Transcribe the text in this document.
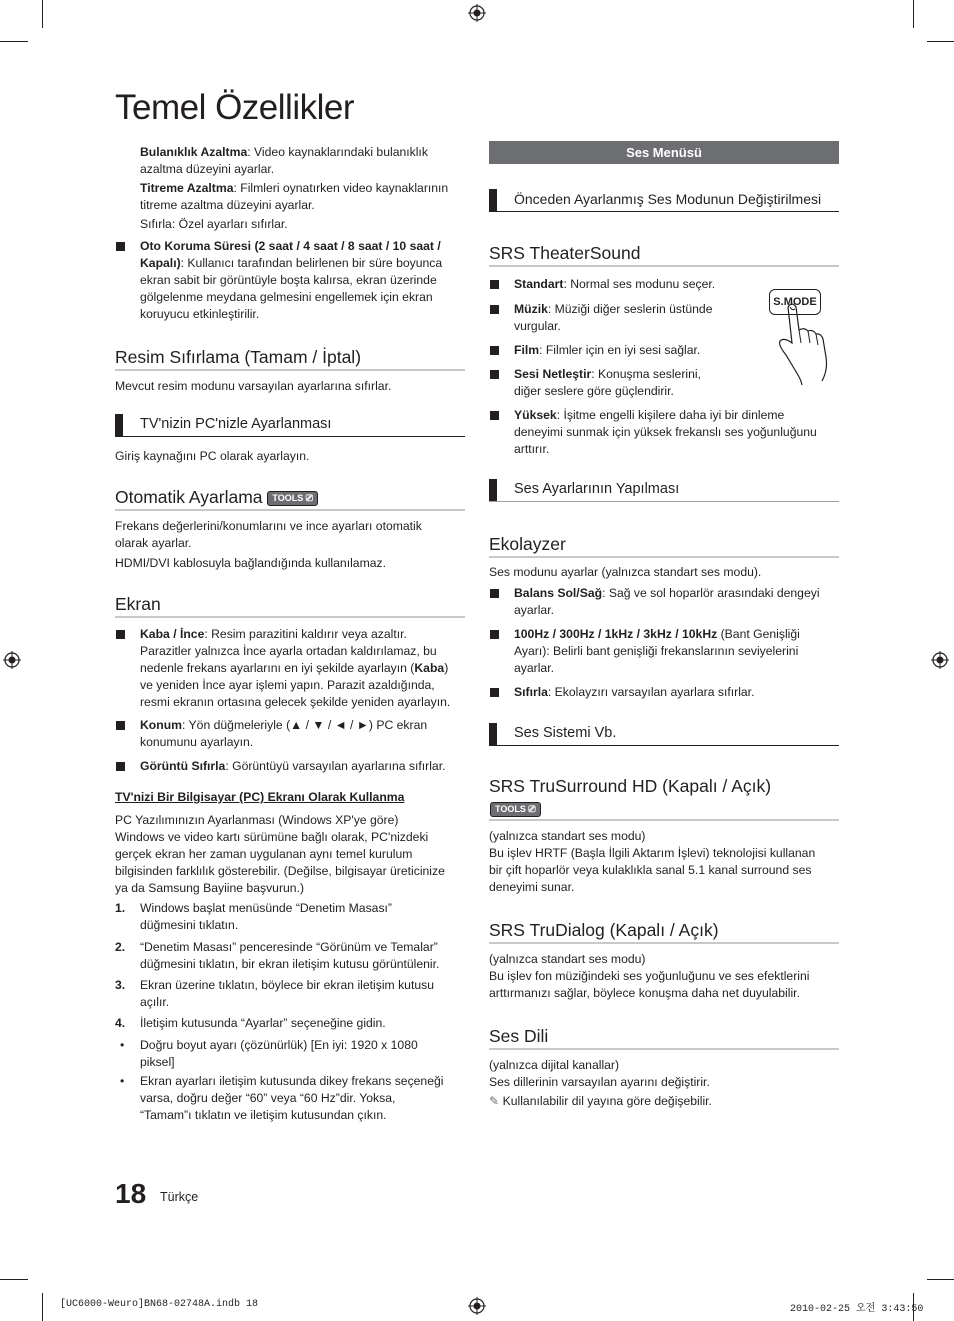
Temel Özellikler
Bulanıklık Azaltma: Video kaynaklarındaki bulanıklık
azaltma düzeyini ayarlar.
Titreme Azaltma: Filmleri oynatırken video kaynaklarının
titreme azaltma düzeyini ayarlar.
Sıfırla: Özel ayarları sıfırlar.
Oto Koruma Süresi (2 saat / 4 saat / 8 saat / 10 saat /
Kapalı): Kullanıcı tarafından belirlenen bir süre boyunca
ekran sabit bir görüntüyle boşta kalırsa, ekran üzerinde
gölgelenme meydana gelmesini engellemek için ekran
koruyucu etkinleştirilir.
Resim Sıfırlama (Tamam / İptal)
Mevcut resim modunu varsayılan ayarlarına sıfırlar.
TV'nizin PC'nizle Ayarlanması
Giriş kaynağını PC olarak ayarlayın.
Otomatik Ayarlama TOOLS ⎚
Frekans değerlerini/konumlarını ve ince ayarları otomatik
olarak ayarlar.
HDMI/DVI kablosuyla bağlandığında kullanılamaz.
Ekran
Kaba / İnce: Resim parazitini kaldırır veya azaltır.
Parazitler yalnızca İnce ayarla ortadan kaldırılamaz, bu
nedenle frekans ayarlarını en iyi şekilde ayarlayın (Kaba)
ve yeniden İnce ayar işlemi yapın. Parazit azaldığında,
resmi ekranın ortasına gelecek şekilde yeniden ayarlayın.
Konum: Yön düğmeleriyle (▲ / ▼ / ◄ / ►) PC ekran
konumunu ayarlayın.
Görüntü Sıfırla: Görüntüyü varsayılan ayarlarına sıfırlar.
TV'nizi Bir Bilgisayar (PC) Ekranı Olarak Kullanma
PC Yazılımınızın Ayarlanması (Windows XP'ye göre)
Windows ve video kartı sürümüne bağlı olarak, PC'nizdeki
gerçek ekran her zaman uygulanan aynı temel kurulum
bilgisinden farklılık gösterebilir. (Değilse, bilgisayar üreticinize
ya da Samsung Bayiine başvurun.)
1. Windows başlat menüsünde “Denetim Masası”
düğmesini tıklatın.
2. “Denetim Masası” penceresinde “Görünüm ve Temalar”
düğmesini tıklatın, bir ekran iletişim kutusu görüntülenir.
3. Ekran üzerine tıklatın, böylece bir ekran iletişim kutusu
açılır.
4. İletişim kutusunda “Ayarlar” seçeneğine gidin.
• Doğru boyut ayarı (çözünürlük) [En iyi: 1920 x 1080
piksel]
• Ekran ayarları iletişim kutusunda dikey frekans seçeneği
varsa, doğru değer “60” veya “60 Hz”dir. Yoksa,
“Tamam”ı tıklatın ve iletişim kutusundan çıkın.
Ses Menüsü
Önceden Ayarlanmış Ses Modunun Değiştirilmesi
SRS TheaterSound
S.MODE
Standart: Normal ses modunu seçer.
Müzik: Müziği diğer seslerin üstünde
vurgular.
Film: Filmler için en iyi sesi sağlar.
Sesi Netleştir: Konuşma seslerini,
diğer seslere göre güçlendirir.
Yüksek: İşitme engelli kişilere daha iyi bir dinleme
deneyimi sunmak için yüksek frekanslı ses yoğunluğunu
arttırır.
Ses Ayarlarının Yapılması
Ekolayzer
Ses modunu ayarlar (yalnızca standart ses modu).
Balans Sol/Sağ: Sağ ve sol hoparlör arasındaki dengeyi
ayarlar.
100Hz / 300Hz / 1kHz / 3kHz / 10kHz (Bant Genişliği
Ayarı): Belirli bant genişliği frekanslarının seviyelerini
ayarlar.
Sıfırla: Ekolayzırı varsayılan ayarlara sıfırlar.
Ses Sistemi Vb.
SRS TruSurround HD (Kapalı / Açık)
TOOLS ⎚
(yalnızca standart ses modu)
Bu işlev HRTF (Başla İlgili Aktarım İşlevi) teknolojisi kullanan
bir çift hoparlör veya kulaklıkla sanal 5.1 kanal surround ses
deneyimi sunar.
SRS TruDialog (Kapalı / Açık)
(yalnızca standart ses modu)
Bu işlev fon müziğindeki ses yoğunluğunu ve ses efektlerini
arttırmanızı sağlar, böylece konuşma daha net duyulabilir.
Ses Dili
(yalnızca dijital kanallar)
Ses dillerinin varsayılan ayarını değiştirir.
✎ Kullanılabilir dil yayına göre değişebilir.
18 Türkçe
[UC6000-Weuro]BN68-02748A.indb 18	2010-02-25 오전 3:43:50
